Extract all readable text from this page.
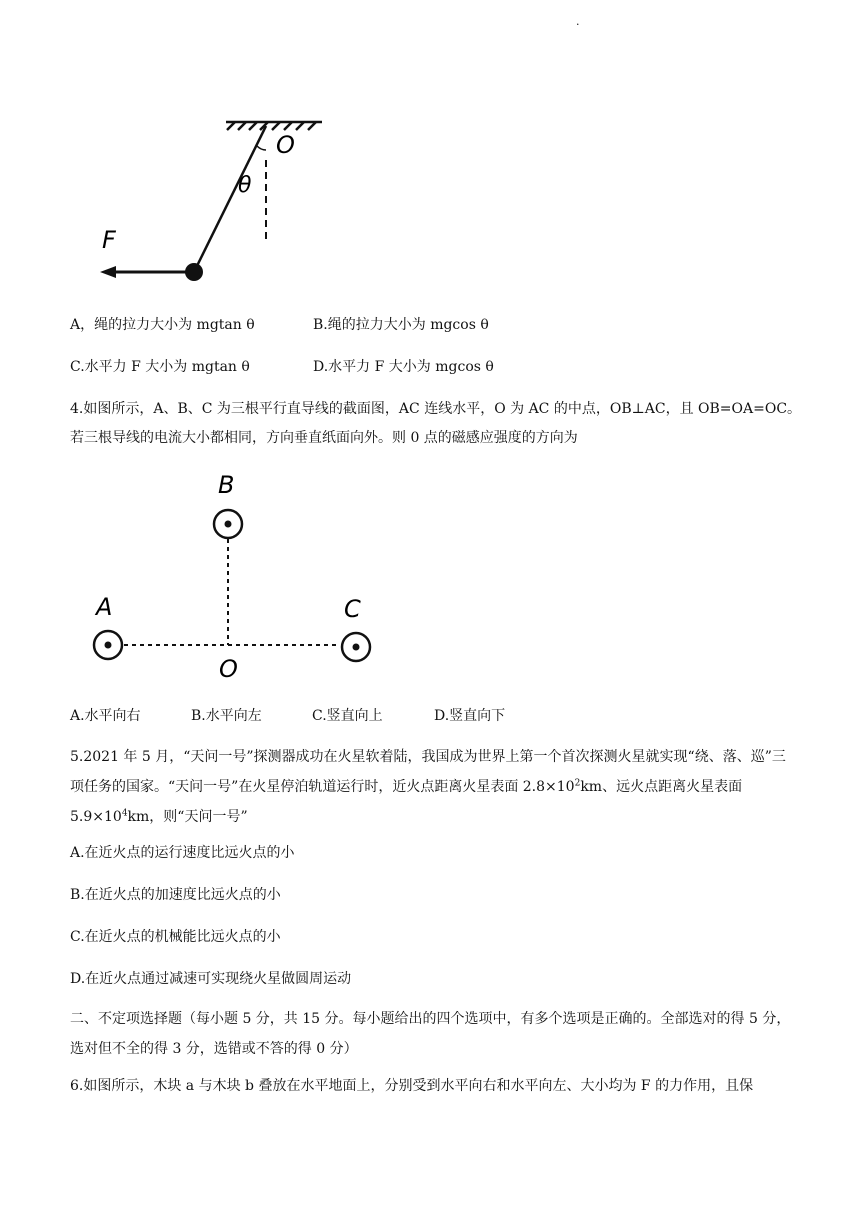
.
F
O
θ
A，绳的拉力大小为 mgtan θ	B.绳的拉力大小为 mgcos θ
C.水平力 F 大小为 mgtan θ	D.水平力 F 大小为 mgcos θ
4.如图所示，A、B、C 为三根平行直导线的截面图，AC 连线水平，O 为 AC 的中点，OB⊥AC，且 OB=OA=OC。
若三根导线的电流大小都相同，方向垂直纸面向外。则 0 点的磁感应强度的方向为
A
B
C
O
A.水平向右	B.水平向左	C.竖直向上	D.竖直向下
5.2021 年 5 月，“天问一号”探测器成功在火星软着陆，我国成为世界上第一个首次探测火星就实现“绕、落、巡”三项任务的国家。“天问一号”在火星停泊轨道运行时，近火点距离火星表面 $2.8\times 10^2km$、远火点距离火星表面 $5.9\times 10^4km$，则“天问一号”
A.在近火点的运行速度比远火点的小
B.在近火点的加速度比远火点的小
C.在近火点的机械能比远火点的小
D.在近火点通过减速可实现绕火星做圆周运动
二、不定项选择题（每小题 5 分，共 15 分。每小题给出的四个选项中，有多个选项是正确的。全部选对的得 5 分，选对但不全的得 3 分，选错或不答的得 0 分）
6.如图所示，木块 a 与木块 b 叠放在水平地面上，分别受到水平向右和水平向左、大小均为 F 的力作用，且保
